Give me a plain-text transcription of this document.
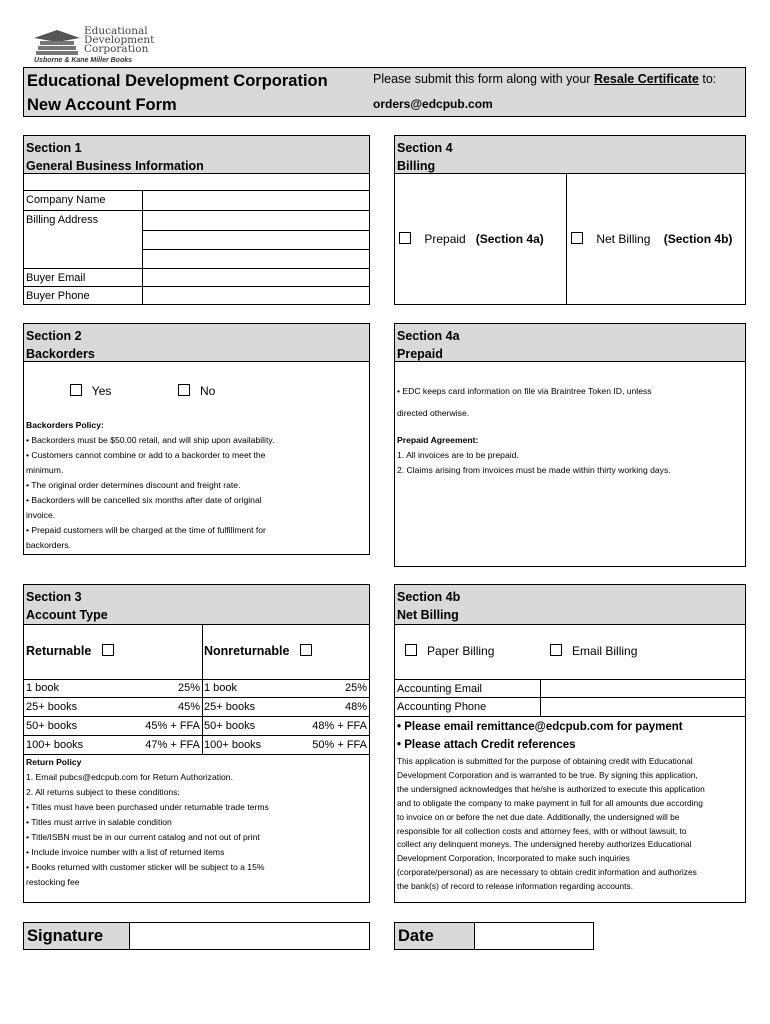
Educational
Development
Corporation
Usborne & Kane Miller Books
Educational Development Corporation
New Account Form
Please submit this form along with your Resale Certificate to:
orders@edcpub.com
Section 1
General Business Information
Company Name
Billing Address
Buyer Email
Buyer Phone
Section 4
Billing
Prepaid (Section 4a)	Net Billing (Section 4b)
Section 2
Backorders
Yes	No
Backorders Policy:
• Backorders must be $50.00 retail, and will ship upon availability.
• Customers cannot combine or add to a backorder to meet the
minimum.
• The original order determines discount and freight rate.
• Backorders will be cancelled six months after date of original
invoice.
• Prepaid customers will be charged at the time of fulfillment for
backorders.
Section 4a
Prepaid
• EDC keeps card information on file via Braintree Token ID, unless
directed otherwise.
Prepaid Agreement:
1. All invoices are to be prepaid.
2. Claims arising from invoices must be made within thirty working days.
Section 3
Account Type
Returnable	Nonreturnable
1 book	25% 1 book	25%
25+ books	45% 25+ books	48%
50+ books	45% + FFA 50+ books	48% + FFA
100+ books	47% + FFA 100+ books	50% + FFA
Return Policy
1. Email pubcs@edcpub.com for Return Authorization.
2. All returns subject to these conditions:
• Titles must have been purchased under returnable trade terms
• Titles must arrive in salable condition
• Title/ISBN must be in our current catalog and not out of print
• Include invoice number with a list of returned items
• Books returned with customer sticker will be subject to a 15%
restocking fee
Section 4b
Net Billing
Paper Billing	Email Billing
Accounting Email
Accounting Phone
• Please email remittance@edcpub.com for payment
• Please attach Credit references
This application is submitted for the purpose of obtaining credit with Educational
Development Corporation and is warranted to be true. By signing this application,
the undersigned acknowledges that he/she is authorized to execute this application
and to obligate the company to make payment in full for all amounts due according
to invoice on or before the net due date. Additionally, the undersigned will be
responsible for all collection costs and attorney fees, with or without lawsuit, to
collect any delinquent moneys. The undersigned hereby authorizes Educational
Development Corporation, Incorporated to make such inquiries
(corporate/personal) as are necessary to obtain credit information and authorizes
the bank(s) of record to release information regarding accounts.
Signature	Date
